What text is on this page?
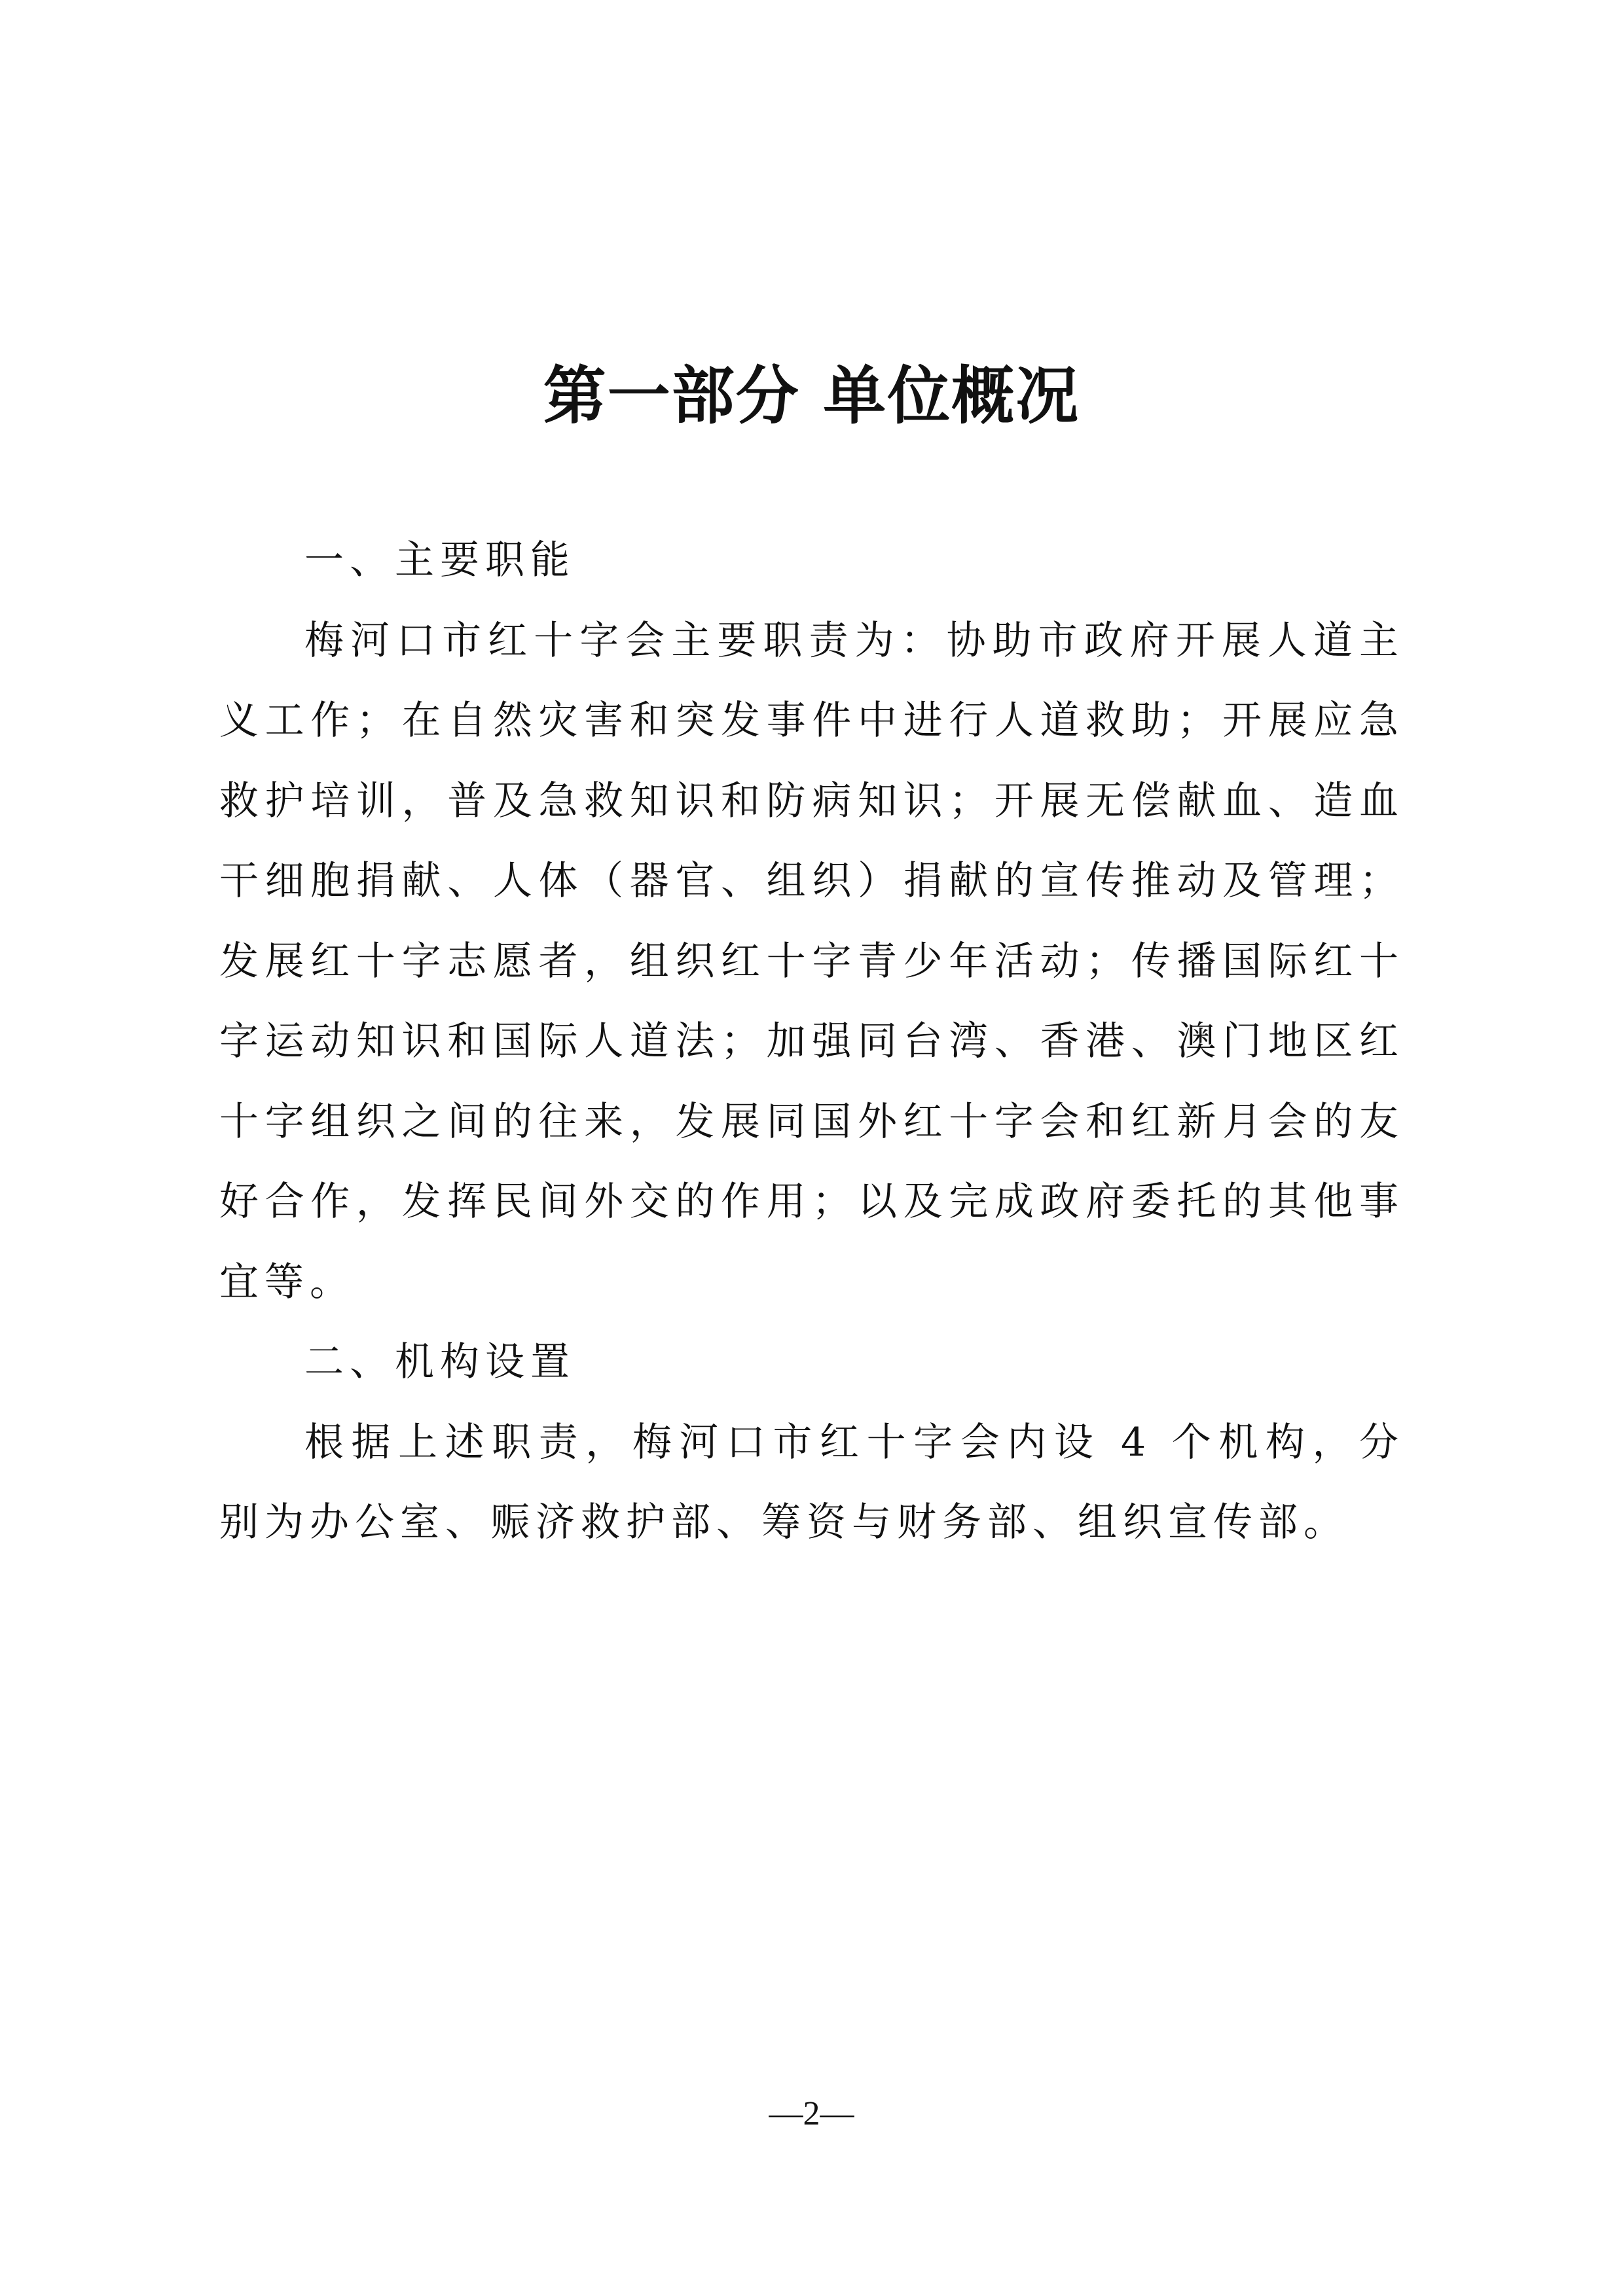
第一部分 单位概况

一、主要职能

梅河口市红十字会主要职责为：协助市政府开展人道主义工作；在自然灾害和突发事件中进行人道救助；开展应急救护培训，普及急救知识和防病知识；开展无偿献血、造血干细胞捐献、人体（器官、组织）捐献的宣传推动及管理；发展红十字志愿者，组织红十字青少年活动；传播国际红十字运动知识和国际人道法；加强同台湾、香港、澳门地区红十字组织之间的往来，发展同国外红十字会和红新月会的友好合作，发挥民间外交的作用；以及完成政府委托的其他事宜等。

二、机构设置

根据上述职责，梅河口市红十字会内设 4 个机构，分别为办公室、赈济救护部、筹资与财务部、组织宣传部。

—2—
